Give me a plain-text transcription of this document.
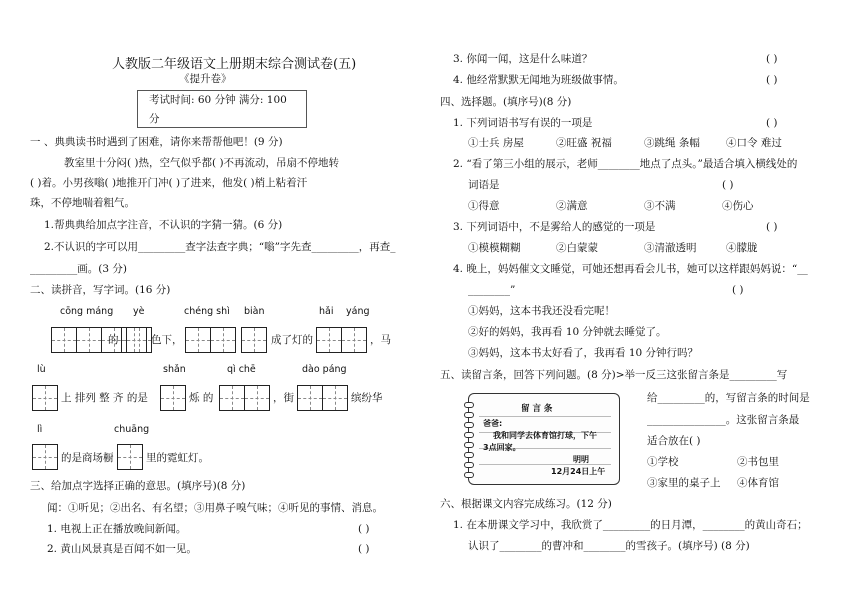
人教版二年级语文上册期末综合测试卷(五)
《提升卷》
考试时间: 60 分钟 满分: 100
分
一 、典典读书时遇到了困难，请你来帮帮他吧！(9 分)
教室里十分闷( )热，空气似乎都( )不再流动，吊扇不停地转
( )着。小男孩嗡( )地推开门冲( )了进来，他发( )梢上粘着汗
珠，不停地喘着粗气。
1.帮典典给加点字注音，不认识的字猜一猜。(6 分)
2.不认识的字可以用_________查字法查字典；“嗡”字先查_________，再查_
_________画。(3 分)
二、读拼音，写字词。(16 分)
cōng máng yè	chéng shì biàn	hǎi yáng
的	色下，	成了灯的	，马
lù	shǎn	qì chē	dào páng
上 排列 整 齐 的是	烁 的	，街	缤纷华
lì	chuāng
的是商场橱	里的霓虹灯。
三、给加点字选择正确的意思。(填序号)(8 分)
闻：①听见；②出名、有名望；③用鼻子嗅气味；④听见的事情、消息。
1. 电视上正在播放晚间新闻。	( )
2. 黄山风景真是百闻不如一见。	( )
3. 你闻一闻，这是什么味道？	( )
4. 他经常默默无闻地为班级做事情。	( )
四、选择题。(填序号)(8 分)
1. 下列词语书写有误的一项是	( )
①士兵 房屋	②旺盛 祝福	③跳绳 条幅 ④口令 难过
2. “看了第三小组的展示，老师________地点了点头。”最适合填入横线处的
词语是	( )
①得意	②满意	③不满	④伤心
3. 下列词语中，不是雾给人的感觉的一项是	( )
①模模糊糊	②白蒙蒙	③清澈透明	④朦胧
4. 晚上，妈妈催文文睡觉，可她还想再看会儿书，她可以这样跟妈妈说：“__
________”	( )
①妈妈，这本书我还没看完呢！
②好的妈妈，我再看 10 分钟就去睡觉了。
③妈妈，这本书太好看了，我再看 10 分钟行吗？
五、读留言条，回答下列问题。(8 分)>举一反三这张留言条是_________写
留 言 条
爸爸:
我和同学去体育馆打球，下午
3点回家。
明明
12月24日上午
给_________的，写留言条的时间是
_______________。这张留言条最
适合放在( )
①学校	②书包里
③家里的桌子上 ④体育馆
六、根据课文内容完成练习。(12 分)
1. 在本册课文学习中，我欣赏了_________的日月潭，________的黄山奇石；
认识了________的曹冲和________的雪孩子。(填序号) (8 分)
